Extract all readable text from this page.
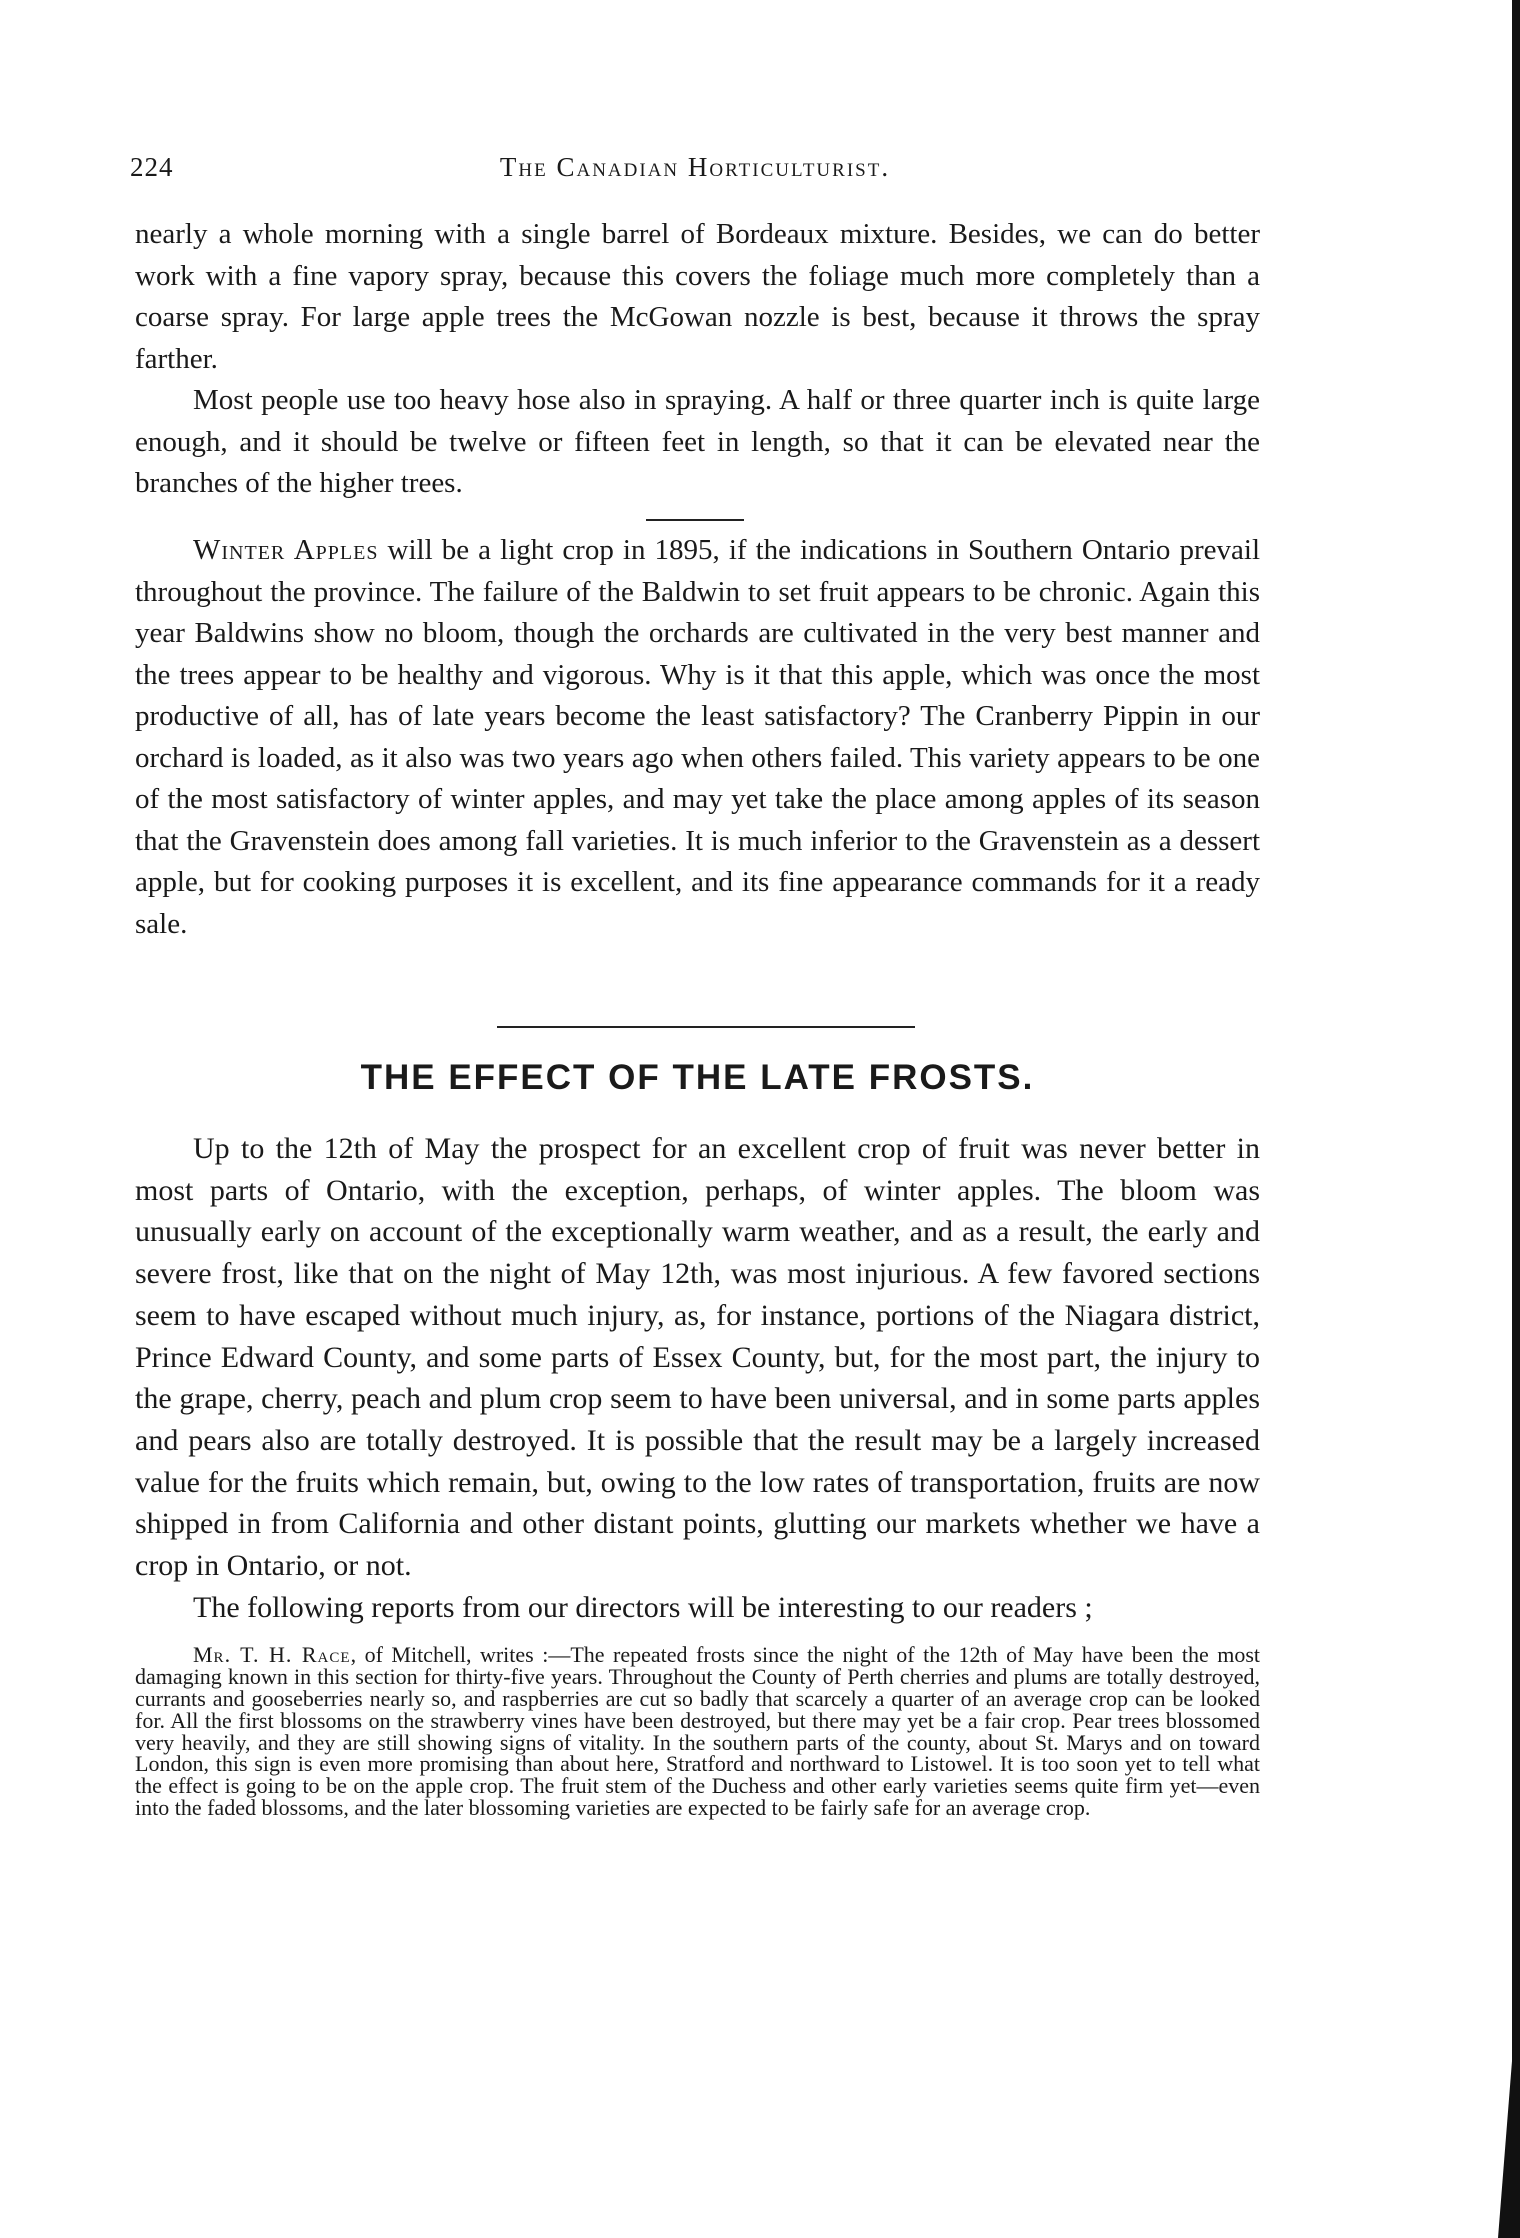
224	The Canadian Horticulturist.

nearly a whole morning with a single barrel of Bordeaux mixture. Besides, we can do better work with a fine vapory spray, because this covers the foliage much more completely than a coarse spray. For large apple trees the McGowan nozzle is best, because it throws the spray farther.

Most people use too heavy hose also in spraying. A half or three quarter inch is quite large enough, and it should be twelve or fifteen feet in length, so that it can be elevated near the branches of the higher trees.

Winter Apples will be a light crop in 1895, if the indications in Southern Ontario prevail throughout the province. The failure of the Baldwin to set fruit appears to be chronic. Again this year Baldwins show no bloom, though the orchards are cultivated in the very best manner and the trees appear to be healthy and vigorous. Why is it that this apple, which was once the most productive of all, has of late years become the least satisfactory? The Cranberry Pippin in our orchard is loaded, as it also was two years ago when others failed. This variety appears to be one of the most satisfactory of winter apples, and may yet take the place among apples of its season that the Gravenstein does among fall varieties. It is much inferior to the Gravenstein as a dessert apple, but for cooking purposes it is excellent, and its fine appearance commands for it a ready sale.

THE EFFECT OF THE LATE FROSTS.

Up to the 12th of May the prospect for an excellent crop of fruit was never better in most parts of Ontario, with the exception, perhaps, of winter apples. The bloom was unusually early on account of the exceptionally warm weather, and as a result, the early and severe frost, like that on the night of May 12th, was most injurious. A few favored sections seem to have escaped without much injury, as, for instance, portions of the Niagara district, Prince Edward County, and some parts of Essex County, but, for the most part, the injury to the grape, cherry, peach and plum crop seem to have been universal, and in some parts apples and pears also are totally destroyed. It is possible that the result may be a largely increased value for the fruits which remain, but, owing to the low rates of transportation, fruits are now shipped in from California and other distant points, glutting our markets whether we have a crop in Ontario, or not.

The following reports from our directors will be interesting to our readers ;

Mr. T. H. Race, of Mitchell, writes :—The repeated frosts since the night of the 12th of May have been the most damaging known in this section for thirty-five years. Throughout the County of Perth cherries and plums are totally destroyed, currants and gooseberries nearly so, and raspberries are cut so badly that scarcely a quarter of an average crop can be looked for. All the first blossoms on the strawberry vines have been destroyed, but there may yet be a fair crop. Pear trees blossomed very heavily, and they are still showing signs of vitality. In the southern parts of the county, about St. Marys and on toward London, this sign is even more promising than about here, Stratford and northward to Listowel. It is too soon yet to tell what the effect is going to be on the apple crop. The fruit stem of the Duchess and other early varieties seems quite firm yet—even into the faded blossoms, and the later blossoming varieties are expected to be fairly safe for an average crop.
